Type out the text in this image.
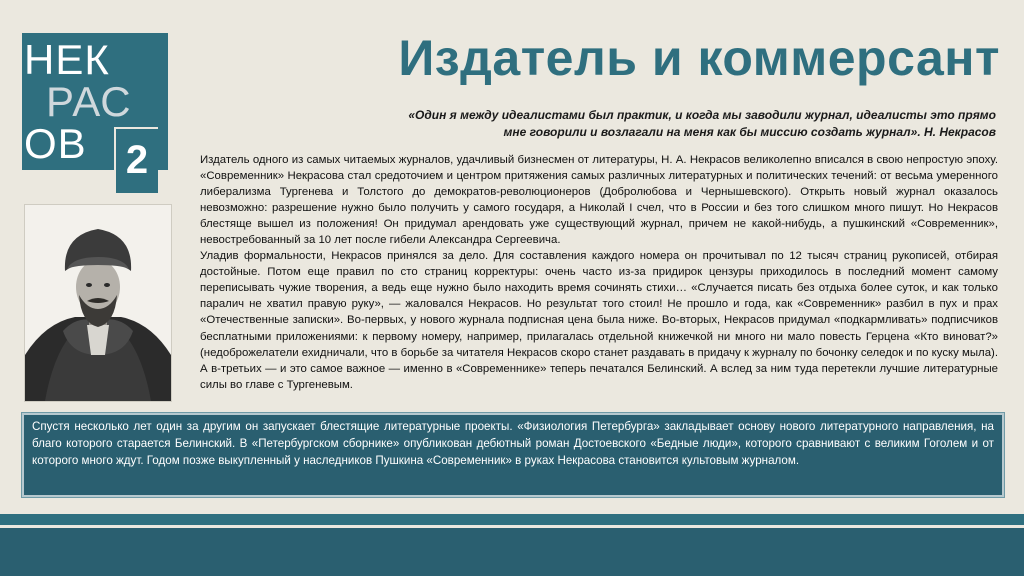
НЕК
РАС
ОВ 2
Издатель и коммерсант
«Один я между идеалистами был практик, и когда мы заводили журнал, идеалисты это прямо
мне говорили и возлагали на меня как бы миссию создать журнал». Н. Некрасов

Издатель одного из самых читаемых журналов, удачливый бизнесмен от литературы, Н. А. Некрасов великолепно вписался в свою непростую эпоху. «Современник» Некрасова стал средоточием и центром притяжения самых различных литературных и политических течений: от весьма умеренного либерализма Тургенева и Толстого до демократов-революционеров (Добролюбова и Чернышевского). Открыть новый журнал оказалось невозможно: разрешение нужно было получить у самого государя, а Николай I счел, что в России и без того слишком много пишут. Но Некрасов блестяще вышел из положения! Он придумал арендовать уже существующий журнал, причем не какой-нибудь, а пушкинский «Современник», невостребованный за 10 лет после гибели Александра Сергеевича.

Уладив формальности, Некрасов принялся за дело. Для составления каждого номера он прочитывал по 12 тысяч страниц рукописей, отбирая достойные. Потом еще правил по сто страниц корректуры: очень часто из-за придирок цензуры приходилось в последний момент самому переписывать чужие творения, а ведь еще нужно было находить время сочинять стихи… «Случается писать без отдыха более суток, и как только паралич не хватил правую руку», — жаловался Некрасов. Но результат того стоил! Не прошло и года, как «Современник» разбил в пух и прах «Отечественные записки». Во-первых, у нового журнала подписная цена была ниже. Во-вторых, Некрасов придумал «подкармливать» подписчиков бесплатными приложениями: к первому номеру, например, прилагалась отдельной книжечкой ни много ни мало повесть Герцена «Кто виноват?» (недоброжелатели ехидничали, что в борьбе за читателя Некрасов скоро станет раздавать в придачу к журналу по бочонку селедок и по куску мыла). А в-третьих — и это самое важное — именно в «Современнике» теперь печатался Белинский. А вслед за ним туда перетекли лучшие литературные силы во главе с Тургеневым.

Спустя несколько лет один за другим он запускает блестящие литературные проекты. «Физиология Петербурга» закладывает основу нового литературного направления, на благо которого старается Белинский. В «Петербургском сборнике» опубликован дебютный роман Достоевского «Бедные люди», которого сравнивают с великим Гоголем и от которого много ждут. Годом позже выкупленный у наследников Пушкина «Современник» в руках Некрасова становится культовым журналом.
